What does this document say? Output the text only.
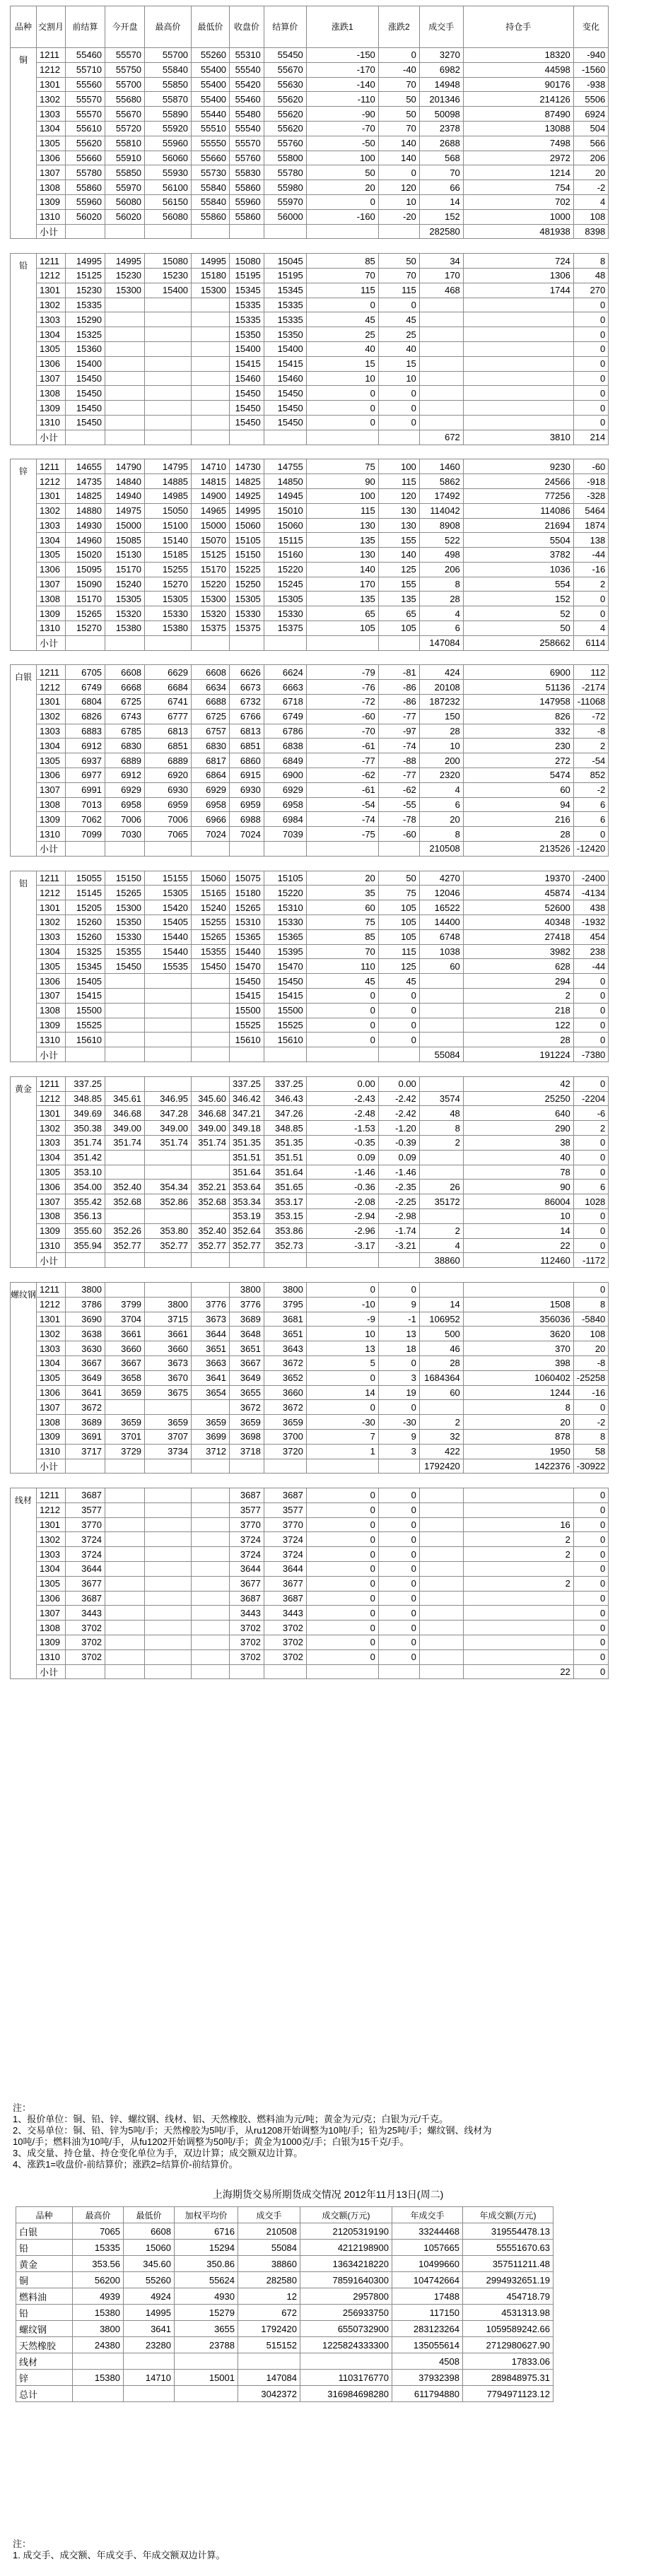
品种	交割月	前结算	今开盘	最高价	最低价	收盘价	结算价	涨跌1	涨跌2	成交手	持仓手	变化
铜	1211	55460	55570	55700	55260	55310	55450	-150	0	3270	18320	-940
	1212	55710	55750	55840	55400	55540	55670	-170	-40	6982	44598	-1560
	1301	55560	55700	55850	55400	55420	55630	-140	70	14948	90176	-938
	1302	55570	55680	55870	55400	55460	55620	-110	50	201346	214126	5506
	1303	55570	55670	55890	55440	55480	55620	-90	50	50098	87490	6924
	1304	55610	55720	55920	55510	55540	55620	-70	70	2378	13088	504
	1305	55620	55810	55960	55550	55570	55760	-50	140	2688	7498	566
	1306	55660	55910	56060	55660	55760	55800	100	140	568	2972	206
	1307	55780	55850	55930	55730	55830	55780	50	0	70	1214	20
	1308	55860	55970	56100	55840	55860	55980	20	120	66	754	-2
	1309	55960	56080	56150	55840	55960	55970	0	10	14	702	4
	1310	56020	56020	56080	55860	55860	56000	-160	-20	152	1000	108
	小计									282580	481938	8398

铅	1211	14995	14995	15080	14995	15080	15045	85	50	34	724	8
	1212	15125	15230	15230	15180	15195	15195	70	70	170	1306	48
	1301	15230	15300	15400	15300	15345	15345	115	115	468	1744	270
	1302	15335				15335	15335	0	0			0
	1303	15290				15335	15335	45	45			0
	1304	15325				15350	15350	25	25			0
	1305	15360				15400	15400	40	40			0
	1306	15400				15415	15415	15	15			0
	1307	15450				15460	15460	10	10			0
	1308	15450				15450	15450	0	0			0
	1309	15450				15450	15450	0	0			0
	1310	15450				15450	15450	0	0			0
	小计									672	3810	214

锌	1211	14655	14790	14795	14710	14730	14755	75	100	1460	9230	-60
	1212	14735	14840	14885	14815	14825	14850	90	115	5862	24566	-918
	1301	14825	14940	14985	14900	14925	14945	100	120	17492	77256	-328
	1302	14880	14975	15050	14965	14995	15010	115	130	114042	114086	5464
	1303	14930	15000	15100	15000	15060	15060	130	130	8908	21694	1874
	1304	14960	15085	15140	15070	15105	15115	135	155	522	5504	138
	1305	15020	15130	15185	15125	15150	15160	130	140	498	3782	-44
	1306	15095	15170	15255	15170	15225	15220	140	125	206	1036	-16
	1307	15090	15240	15270	15220	15250	15245	170	155	8	554	2
	1308	15170	15305	15305	15300	15305	15305	135	135	28	152	0
	1309	15265	15320	15330	15320	15330	15330	65	65	4	52	0
	1310	15270	15380	15380	15375	15375	15375	105	105	6	50	4
	小计									147084	258662	6114

白银	1211	6705	6608	6629	6608	6626	6624	-79	-81	424	6900	112
	1212	6749	6668	6684	6634	6673	6663	-76	-86	20108	51136	-2174
	1301	6804	6725	6741	6688	6732	6718	-72	-86	187232	147958	-11068
	1302	6826	6743	6777	6725	6766	6749	-60	-77	150	826	-72
	1303	6883	6785	6813	6757	6813	6786	-70	-97	28	332	-8
	1304	6912	6830	6851	6830	6851	6838	-61	-74	10	230	2
	1305	6937	6889	6889	6817	6860	6849	-77	-88	200	272	-54
	1306	6977	6912	6920	6864	6915	6900	-62	-77	2320	5474	852
	1307	6991	6929	6930	6929	6930	6929	-61	-62	4	60	-2
	1308	7013	6958	6959	6958	6959	6958	-54	-55	6	94	6
	1309	7062	7006	7006	6966	6988	6984	-74	-78	20	216	6
	1310	7099	7030	7065	7024	7024	7039	-75	-60	8	28	0
	小计									210508	213526	-12420

铝	1211	15055	15150	15155	15060	15075	15105	20	50	4270	19370	-2400
	1212	15145	15265	15305	15165	15180	15220	35	75	12046	45874	-4134
	1301	15205	15300	15420	15240	15265	15310	60	105	16522	52600	438
	1302	15260	15350	15405	15255	15310	15330	75	105	14400	40348	-1932
	1303	15260	15330	15440	15265	15365	15365	85	105	6748	27418	454
	1304	15325	15355	15440	15355	15440	15395	70	115	1038	3982	238
	1305	15345	15450	15535	15450	15470	15470	110	125	60	628	-44
	1306	15405				15450	15450	45	45		294	0
	1307	15415				15415	15415	0	0		2	0
	1308	15500				15500	15500	0	0		218	0
	1309	15525				15525	15525	0	0		122	0
	1310	15610				15610	15610	0	0		28	0
	小计									55084	191224	-7380

黄金	1211	337.25				337.25	337.25	0.00	0.00		42	0
	1212	348.85	345.61	346.95	345.60	346.42	346.43	-2.43	-2.42	3574	25250	-2204
	1301	349.69	346.68	347.28	346.68	347.21	347.26	-2.48	-2.42	48	640	-6
	1302	350.38	349.00	349.00	349.00	349.18	348.85	-1.53	-1.20	8	290	2
	1303	351.74	351.74	351.74	351.74	351.35	351.35	-0.35	-0.39	2	38	0
	1304	351.42				351.51	351.51	0.09	0.09		40	0
	1305	353.10				351.64	351.64	-1.46	-1.46		78	0
	1306	354.00	352.40	354.34	352.21	353.64	351.65	-0.36	-2.35	26	90	6
	1307	355.42	352.68	352.86	352.68	353.34	353.17	-2.08	-2.25	35172	86004	1028
	1308	356.13				353.19	353.15	-2.94	-2.98		10	0
	1309	355.60	352.26	353.80	352.40	352.64	353.86	-2.96	-1.74	2	14	0
	1310	355.94	352.77	352.77	352.77	352.77	352.73	-3.17	-3.21	4	22	0
	小计									38860	112460	-1172

螺纹钢	1211	3800				3800	3800	0	0			0
	1212	3786	3799	3800	3776	3776	3795	-10	9	14	1508	8
	1301	3690	3704	3715	3673	3689	3681	-9	-1	106952	356036	-5840
	1302	3638	3661	3661	3644	3648	3651	10	13	500	3620	108
	1303	3630	3660	3660	3651	3651	3643	13	18	46	370	20
	1304	3667	3667	3673	3663	3667	3672	5	0	28	398	-8
	1305	3649	3658	3670	3641	3649	3652	0	3	1684364	1060402	-25258
	1306	3641	3659	3675	3654	3655	3660	14	19	60	1244	-16
	1307	3672				3672	3672	0	0		8	0
	1308	3689	3659	3659	3659	3659	3659	-30	-30	2	20	-2
	1309	3691	3701	3707	3699	3698	3700	7	9	32	878	8
	1310	3717	3729	3734	3712	3718	3720	1	3	422	1950	58
	小计									1792420	1422376	-30922

线材	1211	3687				3687	3687	0	0			0
	1212	3577				3577	3577	0	0			0
	1301	3770				3770	3770	0	0		16	0
	1302	3724				3724	3724	0	0		2	0
	1303	3724				3724	3724	0	0		2	0
	1304	3644				3644	3644	0	0			0
	1305	3677				3677	3677	0	0		2	0
	1306	3687				3687	3687	0	0			0
	1307	3443				3443	3443	0	0			0
	1308	3702				3702	3702	0	0			0
	1309	3702				3702	3702	0	0			0
	1310	3702				3702	3702	0	0			0
	小计										22	0
注：
1、报价单位：铜、铅、锌、螺纹钢、线材、铝、天然橡胶、燃料油为元/吨；黄金为元/克；白银为元/千克。
2、交易单位：铜、铅、锌为5吨/手；天然橡胶为5吨/手，从ru1208开始调整为10吨/手；铅为25吨/手；螺纹钢、线材为
10吨/手；燃料油为10吨/手，从fu1202开始调整为50吨/手；黄金为1000克/手；白银为15千克/手。
3、成交量、持仓量、持仓变化单位为手，双边计算；成交额双边计算。
4、涨跌1=收盘价-前结算价；涨跌2=结算价-前结算价。
上海期货交易所期货成交情况 2012年11月13日(周二)
品种	最高价	最低价	加权平均价	成交手	成交额(万元)	年成交手	年成交额(万元)
白银	7065	6608	6716	210508	21205319190	33244468	319554478.13
铅	15335	15060	15294	55084	4212198900	1057665	55551670.63
黄金	353.56	345.60	350.86	38860	13634218220	10499660	357511211.48
铜	56200	55260	55624	282580	78591640300	104742664	2994932651.19
燃料油	4939	4924	4930	12	2957800	17488	454718.79
铅	15380	14995	15279	672	256933750	117150	4531313.98
螺纹钢	3800	3641	3655	1792420	6550732900	283123264	1059589242.66
天然橡胶	24380	23280	23788	515152	1225824333300	135055614	2712980627.90
线材						4508	17833.06
锌	15380	14710	15001	147084	1103176770	37932398	289848975.31
总计				3042372	316984698280	611794880	7794971123.12
注：
1. 成交手、成交额、年成交手、年成交额双边计算。
